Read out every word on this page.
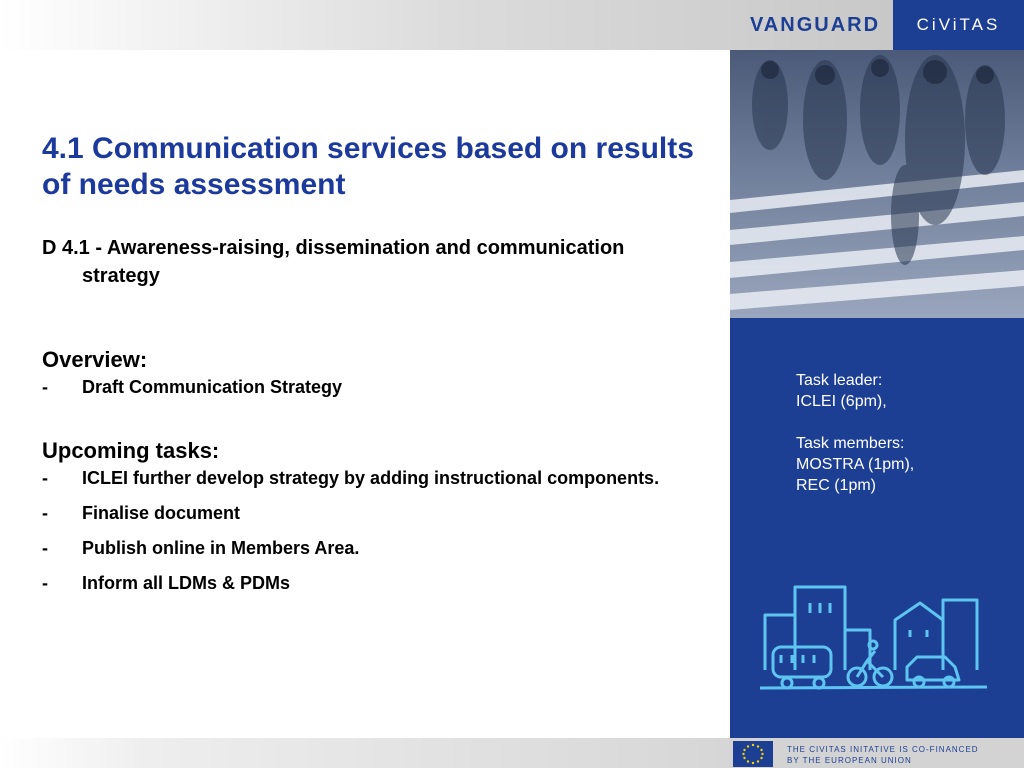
VANGUARD	CiViTAS
Task leader:
ICLEI (6pm),
Task members:
MOSTRA (1pm),
REC (1pm)
THE CIVITAS INITATIVE IS CO-FINANCED
BY THE EUROPEAN UNION
4.1 Communication services based on results of needs assessment

D 4.1 - Awareness-raising, dissemination and communication strategy

Overview:
- Draft Communication Strategy
Upcoming tasks:
- ICLEI further develop strategy by adding instructional components.
- Finalise document
- Publish online in Members Area.
- Inform all LDMs & PDMs
